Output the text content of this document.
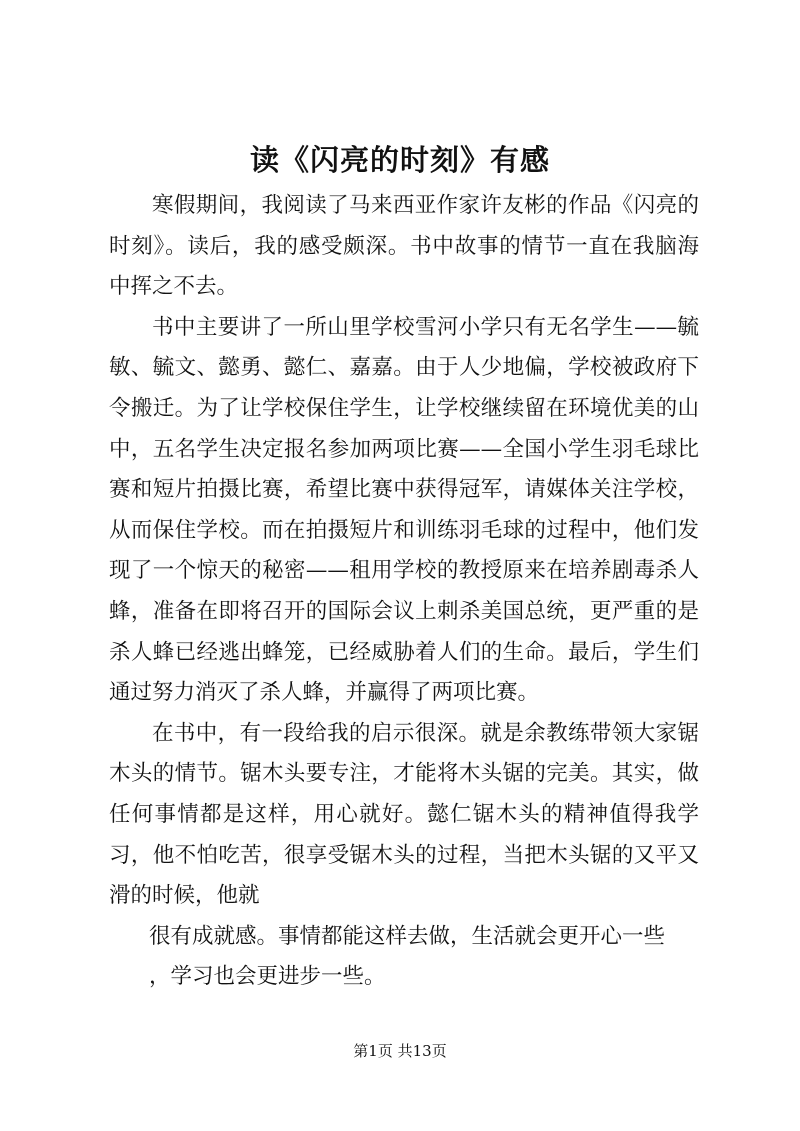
读《闪亮的时刻》有感

寒假期间，我阅读了马来西亚作家许友彬的作品《闪亮的时刻》。读后，我的感受颇深。书中故事的情节一直在我脑海中挥之不去。

书中主要讲了一所山里学校雪河小学只有无名学生——毓敏、毓文、懿勇、懿仁、嘉嘉。由于人少地偏，学校被政府下令搬迁。为了让学校保住学生，让学校继续留在环境优美的山中，五名学生决定报名参加两项比赛——全国小学生羽毛球比赛和短片拍摄比赛，希望比赛中获得冠军，请媒体关注学校，从而保住学校。而在拍摄短片和训练羽毛球的过程中，他们发现了一个惊天的秘密——租用学校的教授原来在培养剧毒杀人蜂，准备在即将召开的国际会议上刺杀美国总统，更严重的是杀人蜂已经逃出蜂笼，已经威胁着人们的生命。最后，学生们通过努力消灭了杀人蜂，并赢得了两项比赛。

在书中，有一段给我的启示很深。就是余教练带领大家锯木头的情节。锯木头要专注，才能将木头锯的完美。其实，做任何事情都是这样，用心就好。懿仁锯木头的精神值得我学习，他不怕吃苦，很享受锯木头的过程，当把木头锯的又平又滑的时候，他就

很有成就感。事情都能这样去做，生活就会更开心一些

，学习也会更进步一些。

第1页 共13页
